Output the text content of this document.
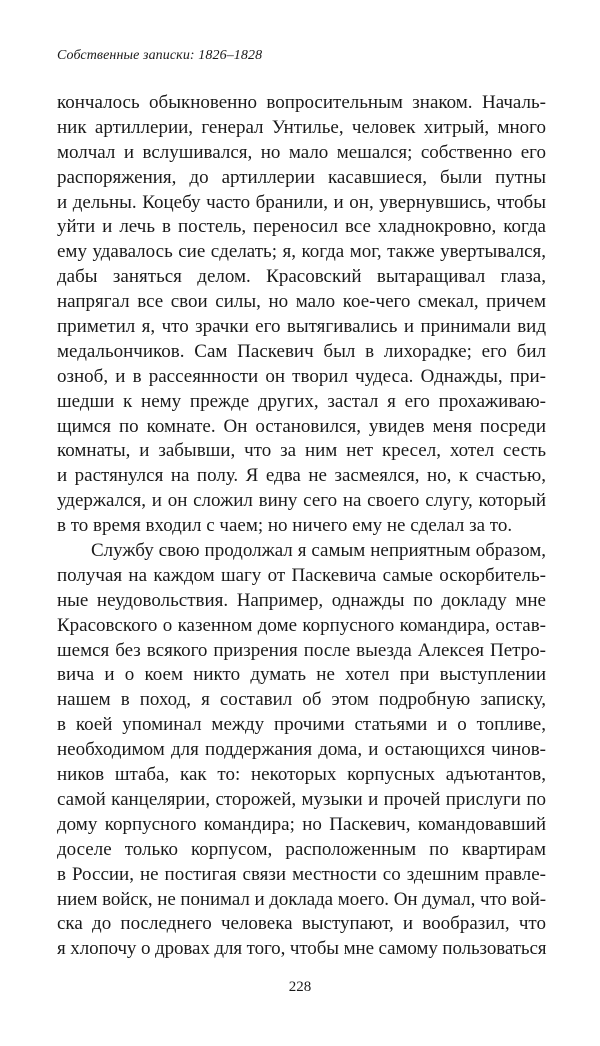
Собственные записки: 1826–1828
кончалось обыкновенно вопросительным знаком. Началь-
ник артиллерии, генерал Унтилье, человек хитрый, много
молчал и вслушивался, но мало мешался; собственно его
распоряжения, до артиллерии касавшиеся, были путны
и дельны. Коцебу часто бранили, и он, увернувшись, чтобы
уйти и лечь в постель, переносил все хладнокровно, когда
ему удавалось сие сделать; я, когда мог, также увертывался,
дабы заняться делом. Красовский вытаращивал глаза,
напрягал все свои силы, но мало кое-чего смекал, причем
приметил я, что зрачки его вытягивались и принимали вид
медальончиков. Сам Паскевич был в лихорадке; его бил
озноб, и в рассеянности он творил чудеса. Однажды, при-
шедши к нему прежде других, застал я его прохаживаю-
щимся по комнате. Он остановился, увидев меня посреди
комнаты, и забывши, что за ним нет кресел, хотел сесть
и растянулся на полу. Я едва не засмеялся, но, к счастью,
удержался, и он сложил вину сего на своего слугу, который
в то время входил с чаем; но ничего ему не сделал за то.
Службу свою продолжал я самым неприятным образом,
получая на каждом шагу от Паскевича самые оскорбитель-
ные неудовольствия. Например, однажды по докладу мне
Красовского о казенном доме корпусного командира, остав-
шемся без всякого призрения после выезда Алексея Петро-
вича и о коем никто думать не хотел при выступлении
нашем в поход, я составил об этом подробную записку,
в коей упоминал между прочими статьями и о топливе,
необходимом для поддержания дома, и остающихся чинов-
ников штаба, как то: некоторых корпусных адъютантов,
самой канцелярии, сторожей, музыки и прочей прислуги по
дому корпусного командира; но Паскевич, командовавший
доселе только корпусом, расположенным по квартирам
в России, не постигая связи местности со здешним правле-
нием войск, не понимал и доклада моего. Он думал, что вой-
ска до последнего человека выступают, и вообразил, что
я хлопочу о дровах для того, чтобы мне самому пользоваться
228
